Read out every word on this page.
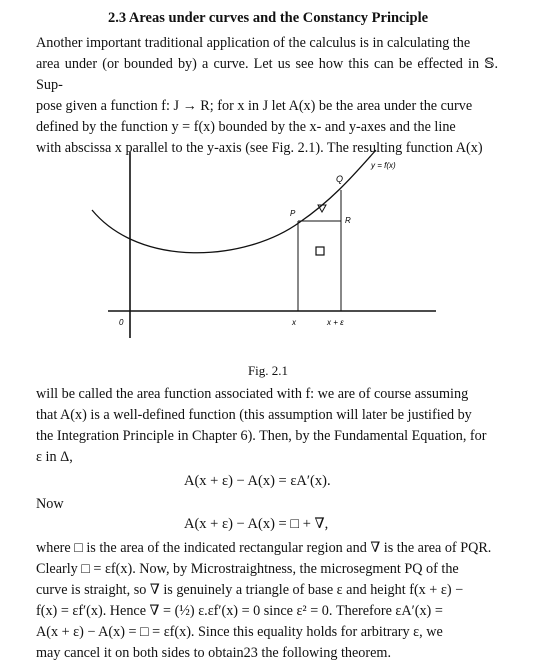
2.3 Areas under curves and the Constancy Principle

Another important traditional application of the calculus is in calculating the

area under (or bounded by) a curve. Let us see how this can be effected in 𝕊. Sup-

pose given a function f: J → R; for x in J let A(x) be the area under the curve

defined by the function y = f(x) bounded by the x- and y-axes and the line

with abscissa x parallel to the y-axis (see Fig. 2.1). The resulting function A(x)

y = f(x)
Q
P
R
0	x	x + ε
Fig. 2.1

will be called the area function associated with f: we are of course assuming

that A(x) is a well-defined function (this assumption will later be justified by

the Integration Principle in Chapter 6). Then, by the Fundamental Equation, for

ε in Δ,

A(x + ε) − A(x) = εA′(x).
Now
A(x + ε) − A(x) = □ + ∇,

where □ is the area of the indicated rectangular region and ∇ is the area of PQR.

Clearly □ = εf(x). Now, by Microstraightness, the microsegment PQ of the

curve is straight, so ∇ is genuinely a triangle of base ε and height f(x + ε) −

f(x) = εf′(x). Hence ∇ = (½) ε.εf′(x) = 0 since ε² = 0. Therefore εA′(x) =

A(x + ε) − A(x) = □ = εf(x). Since this equality holds for arbitrary ε, we

may cancel it on both sides to obtain23 the following theorem.
